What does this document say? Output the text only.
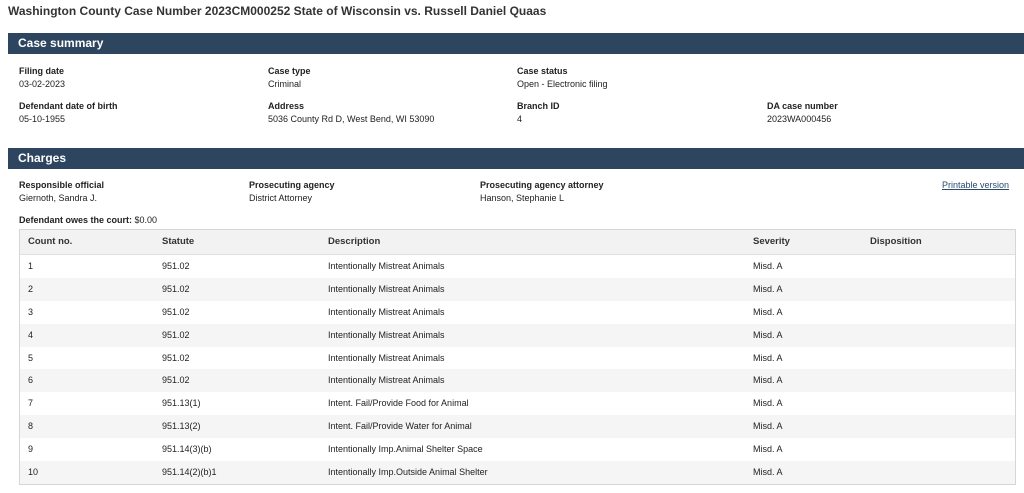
Washington County Case Number 2023CM000252 State of Wisconsin vs. Russell Daniel Quaas
Case summary
Filing date
03-02-2023
Case type
Criminal
Case status
Open - Electronic filing
Defendant date of birth
05-10-1955
Address
5036 County Rd D, West Bend, WI 53090
Branch ID
4
DA case number
2023WA000456
Charges
Responsible official
Giernoth, Sandra J.
Prosecuting agency
District Attorney
Prosecuting agency attorney
Hanson, Stephanie L
Printable version
Defendant owes the court: $0.00
Count no.	Statute	Description	Severity	Disposition
1	951.02	Intentionally Mistreat Animals	Misd. A
2	951.02	Intentionally Mistreat Animals	Misd. A
3	951.02	Intentionally Mistreat Animals	Misd. A
4	951.02	Intentionally Mistreat Animals	Misd. A
5	951.02	Intentionally Mistreat Animals	Misd. A
6	951.02	Intentionally Mistreat Animals	Misd. A
7	951.13(1)	Intent. Fail/Provide Food for Animal	Misd. A
8	951.13(2)	Intent. Fail/Provide Water for Animal	Misd. A
9	951.14(3)(b)	Intentionally Imp.Animal Shelter Space	Misd. A
10	951.14(2)(b)1	Intentionally Imp.Outside Animal Shelter	Misd. A
